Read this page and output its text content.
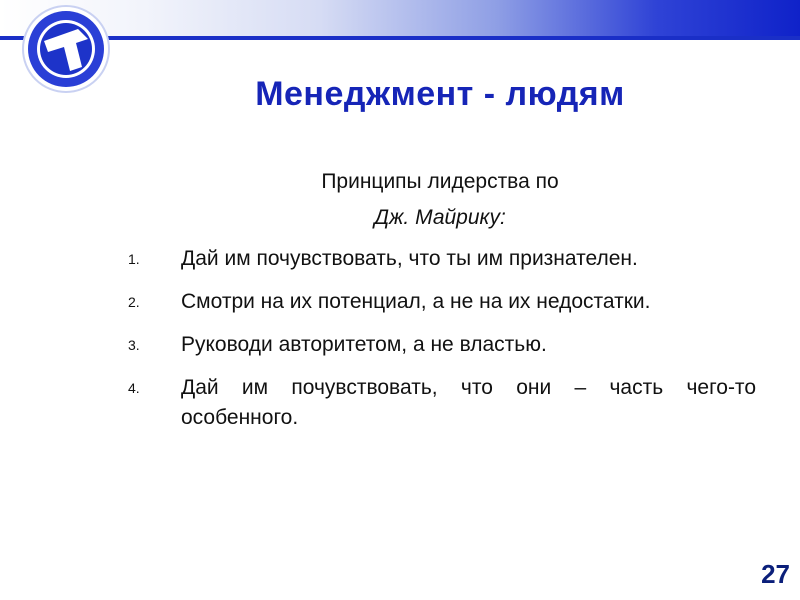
Менеджмент - людям
Принципы лидерства по
Дж. Майрику:
1.	Дай им почувствовать, что ты им признателен.
2.	Смотри на их потенциал, а не на их недостатки.
3.	Руководи авторитетом, а не властью.
4.	Дай им почувствовать, что они – часть чего-то особенного.
27
